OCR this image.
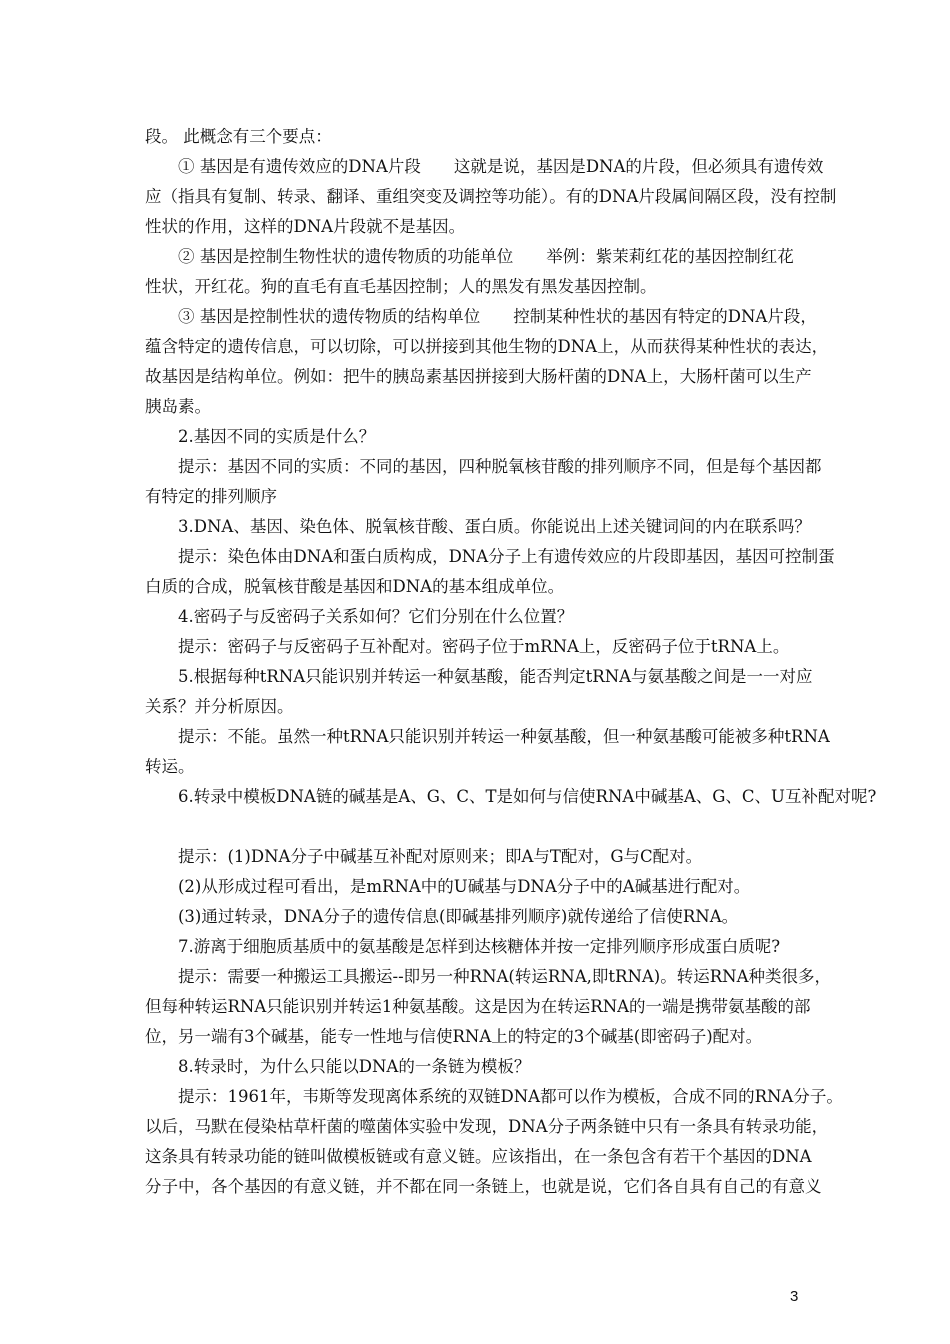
段。 此概念有三个要点：
① 基因是有遗传效应的DNA片段　　这就是说，基因是DNA的片段，但必须具有遗传效
应（指具有复制、转录、翻译、重组突变及调控等功能）。有的DNA片段属间隔区段，没有控制
性状的作用，这样的DNA片段就不是基因。
② 基因是控制生物性状的遗传物质的功能单位　　举例：紫茉莉红花的基因控制红花
性状，开红花。狗的直毛有直毛基因控制；人的黑发有黑发基因控制。
③ 基因是控制性状的遗传物质的结构单位　　控制某种性状的基因有特定的DNA片段，
蕴含特定的遗传信息，可以切除，可以拼接到其他生物的DNA上，从而获得某种性状的表达，
故基因是结构单位。例如：把牛的胰岛素基因拼接到大肠杆菌的DNA上，大肠杆菌可以生产
胰岛素。
2.基因不同的实质是什么？
提示：基因不同的实质：不同的基因，四种脱氧核苷酸的排列顺序不同，但是每个基因都
有特定的排列顺序
3.DNA、基因、染色体、脱氧核苷酸、蛋白质。你能说出上述关键词间的内在联系吗？
提示：染色体由DNA和蛋白质构成，DNA分子上有遗传效应的片段即基因，基因可控制蛋
白质的合成，脱氧核苷酸是基因和DNA的基本组成单位。
4.密码子与反密码子关系如何？它们分别在什么位置？
提示：密码子与反密码子互补配对。密码子位于mRNA上，反密码子位于tRNA上。
5.根据每种tRNA只能识别并转运一种氨基酸，能否判定tRNA与氨基酸之间是一一对应
关系？并分析原因。
提示：不能。虽然一种tRNA只能识别并转运一种氨基酸，但一种氨基酸可能被多种tRNA
转运。
6.转录中模板DNA链的碱基是A、G、C、T是如何与信使RNA中碱基A、G、C、U互补配对呢?
提示：(1)DNA分子中碱基互补配对原则来；即A与T配对，G与C配对。
(2)从形成过程可看出，是mRNA中的U碱基与DNA分子中的A碱基进行配对。
(3)通过转录，DNA分子的遗传信息(即碱基排列顺序)就传递给了信使RNA。
7.游离于细胞质基质中的氨基酸是怎样到达核糖体并按一定排列顺序形成蛋白质呢?
提示：需要一种搬运工具搬运--即另一种RNA(转运RNA,即tRNA)。转运RNA种类很多，
但每种转运RNA只能识别并转运1种氨基酸。这是因为在转运RNA的一端是携带氨基酸的部
位，另一端有3个碱基，能专一性地与信使RNA上的特定的3个碱基(即密码子)配对。
8.转录时，为什么只能以DNA的一条链为模板？
提示：1961年，韦斯等发现离体系统的双链DNA都可以作为模板，合成不同的RNA分子。
以后，马默在侵染枯草杆菌的噬菌体实验中发现，DNA分子两条链中只有一条具有转录功能，
这条具有转录功能的链叫做模板链或有意义链。应该指出，在一条包含有若干个基因的DNA
分子中，各个基因的有意义链，并不都在同一条链上，也就是说，它们各自具有自己的有意义
3
